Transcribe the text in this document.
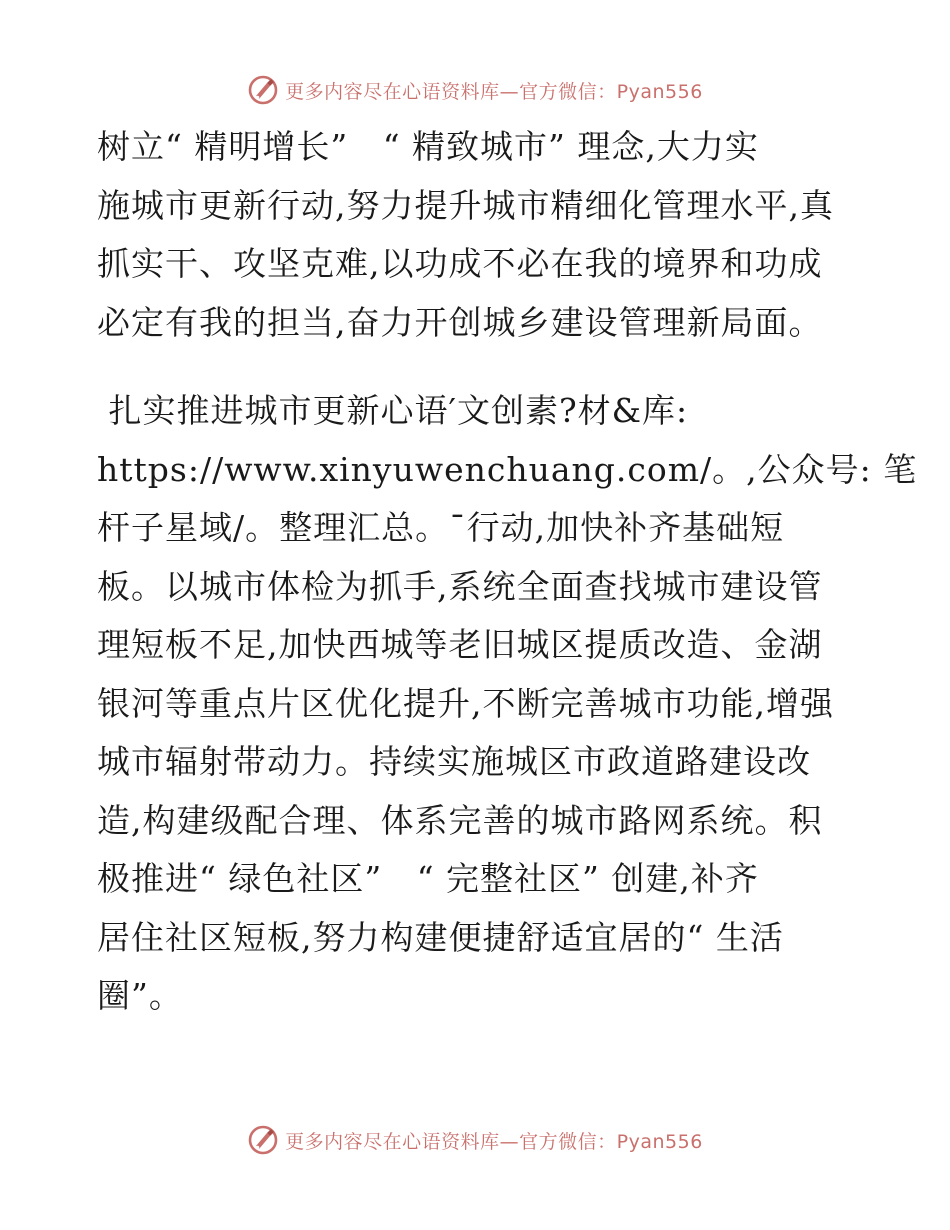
更多内容尽在心语资料库—官方微信：Pyan556
树立“ 精明增长”   “ 精致城市” 理念,大力实
施城市更新行动,努力提升城市精细化管理水平,真
抓实干、攻坚克难,以功成不必在我的境界和功成
必定有我的担当,奋力开创城乡建设管理新局面。
扎实推进城市更新心语′文创素?材&库:
https://www.xinyuwenchuang.com/。,公众号: 笔
杆子星域/。整理汇总。¯行动,加快补齐基础短
板。以城市体检为抓手,系统全面查找城市建设管
理短板不足,加快西城等老旧城区提质改造、金湖
银河等重点片区优化提升,不断完善城市功能,增强
城市辐射带动力。持续实施城区市政道路建设改
造,构建级配合理、体系完善的城市路网系统。积
极推进“ 绿色社区”   “ 完整社区” 创建,补齐
居住社区短板,努力构建便捷舒适宜居的“ 生活
圈”。
更多内容尽在心语资料库—官方微信：Pyan556
